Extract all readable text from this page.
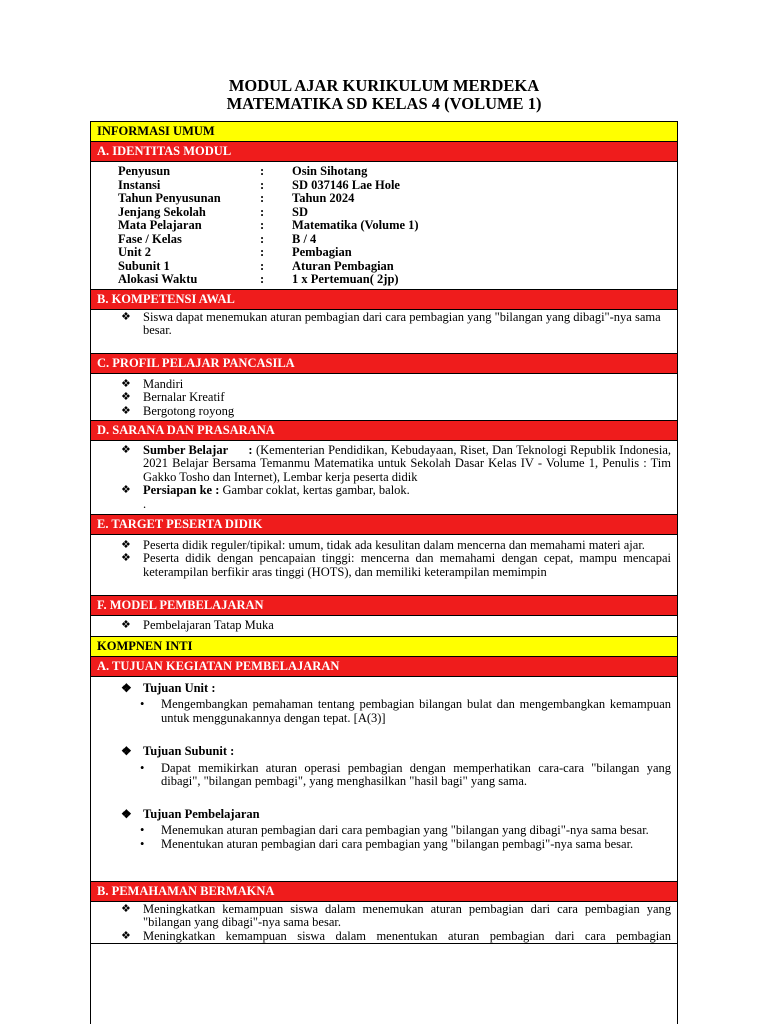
MODUL AJAR KURIKULUM MERDEKA
MATEMATIKA SD KELAS 4 (VOLUME 1)
INFORMASI UMUM
A. IDENTITAS MODUL
Penyusun	:	Osin Sihotang
Instansi	:	SD 037146 Lae Hole
Tahun Penyusunan	:	Tahun 2024
Jenjang Sekolah	:	SD
Mata Pelajaran	:	Matematika (Volume 1)
Fase / Kelas	:	B / 4
Unit 2	:	Pembagian
Subunit 1	:	Aturan Pembagian
Alokasi Waktu	:	1 x Pertemuan( 2jp)
B. KOMPETENSI AWAL
❖ Siswa dapat menemukan aturan pembagian dari cara pembagian yang "bilangan yang dibagi"-nya sama besar.
C. PROFIL PELAJAR PANCASILA
❖ Mandiri
❖ Bernalar Kreatif
❖ Bergotong royong
D. SARANA DAN PRASARANA
❖ Sumber Belajar      : (Kementerian Pendidikan, Kebudayaan, Riset, Dan Teknologi Republik Indonesia, 2021 Belajar Bersama Temanmu Matematika untuk Sekolah Dasar Kelas IV - Volume 1, Penulis : Tim Gakko Tosho dan Internet), Lembar kerja peserta didik
❖ Persiapan ke : Gambar coklat, kertas gambar, balok.
.
E. TARGET PESERTA DIDIK
❖ Peserta didik reguler/tipikal: umum, tidak ada kesulitan dalam mencerna dan memahami materi ajar.
❖ Peserta didik dengan pencapaian tinggi: mencerna dan memahami dengan cepat, mampu mencapai keterampilan berfikir aras tinggi (HOTS), dan memiliki keterampilan memimpin
F. MODEL PEMBELAJARAN
❖ Pembelajaran Tatap Muka
KOMPNEN INTI
A. TUJUAN KEGIATAN PEMBELAJARAN
❖ Tujuan Unit :
• Mengembangkan pemahaman tentang pembagian bilangan bulat dan mengembangkan kemampuan untuk menggunakannya dengan tepat. [A(3)]
❖ Tujuan Subunit :
• Dapat memikirkan aturan operasi pembagian dengan memperhatikan cara-cara "bilangan yang dibagi", "bilangan pembagi", yang menghasilkan "hasil bagi" yang sama.
❖ Tujuan Pembelajaran
• Menemukan aturan pembagian dari cara pembagian yang "bilangan yang dibagi"-nya sama besar.
• Menentukan aturan pembagian dari cara pembagian yang "bilangan pembagi"-nya sama besar.
B. PEMAHAMAN BERMAKNA
❖ Meningkatkan kemampuan siswa dalam menemukan aturan pembagian dari cara pembagian yang "bilangan yang dibagi"-nya sama besar.
❖ Meningkatkan kemampuan siswa dalam menentukan aturan pembagian dari cara pembagian
